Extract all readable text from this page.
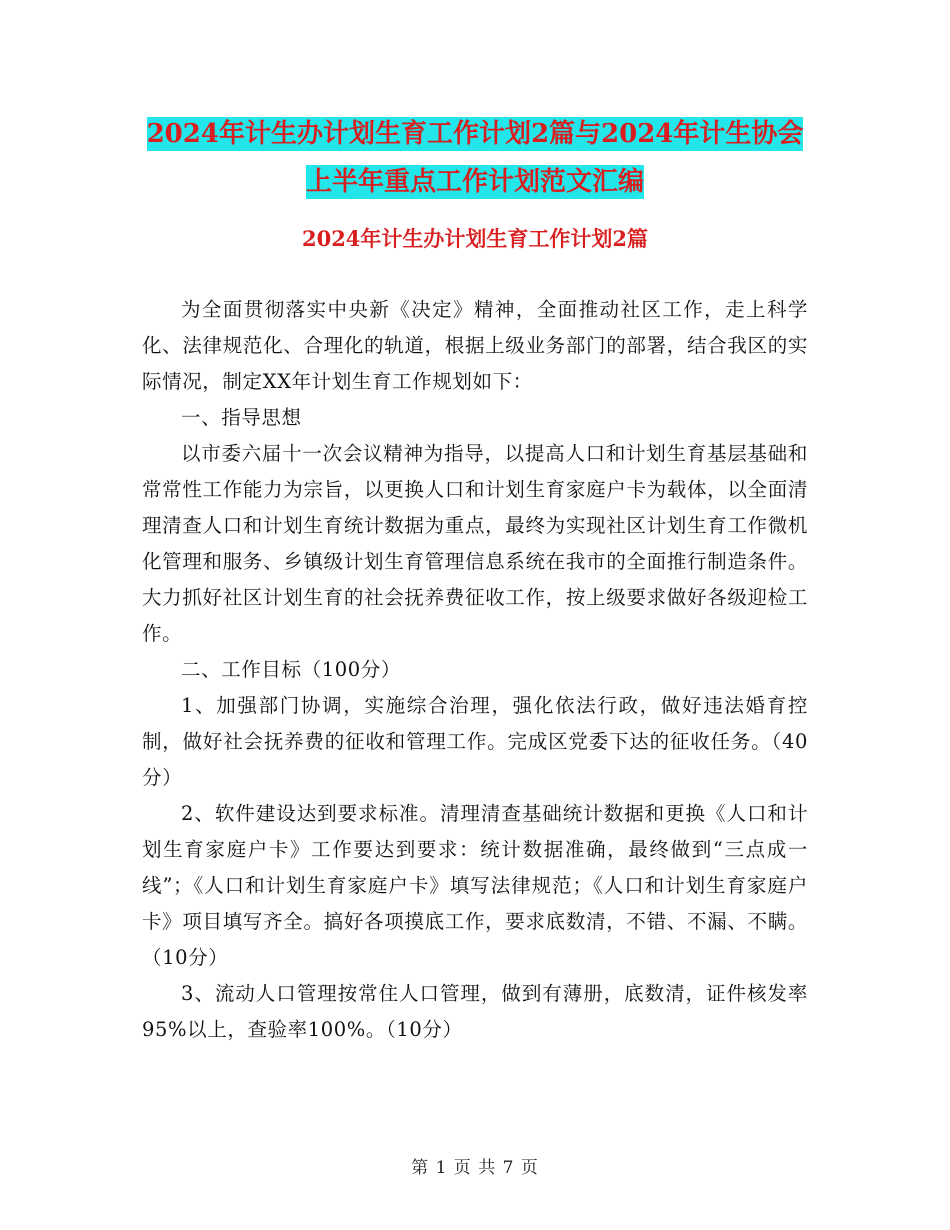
2024年计生办计划生育工作计划2篇与2024年计生协会上半年重点工作计划范文汇编
2024年计生办计划生育工作计划2篇

为全面贯彻落实中央新《决定》精神，全面推动社区工作，走上科学化、法律规范化、合理化的轨道，根据上级业务部门的部署，结合我区的实际情况，制定XX年计划生育工作规划如下：

一、指导思想

以市委六届十一次会议精神为指导，以提高人口和计划生育基层基础和常常性工作能力为宗旨，以更换人口和计划生育家庭户卡为载体，以全面清理清查人口和计划生育统计数据为重点，最终为实现社区计划生育工作微机化管理和服务、乡镇级计划生育管理信息系统在我市的全面推行制造条件。大力抓好社区计划生育的社会抚养费征收工作，按上级要求做好各级迎检工作。

二、工作目标（100分）

1、加强部门协调，实施综合治理，强化依法行政，做好违法婚育控制，做好社会抚养费的征收和管理工作。完成区党委下达的征收任务。（40分）

2、软件建设达到要求标准。清理清查基础统计数据和更换《人口和计划生育家庭户卡》工作要达到要求：统计数据准确，最终做到“三点成一线”；《人口和计划生育家庭户卡》填写法律规范；《人口和计划生育家庭户卡》项目填写齐全。搞好各项摸底工作，要求底数清，不错、不漏、不瞒。（10分）

3、流动人口管理按常住人口管理，做到有薄册，底数清，证件核发率95%以上，查验率100%。（10分）

第 1 页 共 7 页
